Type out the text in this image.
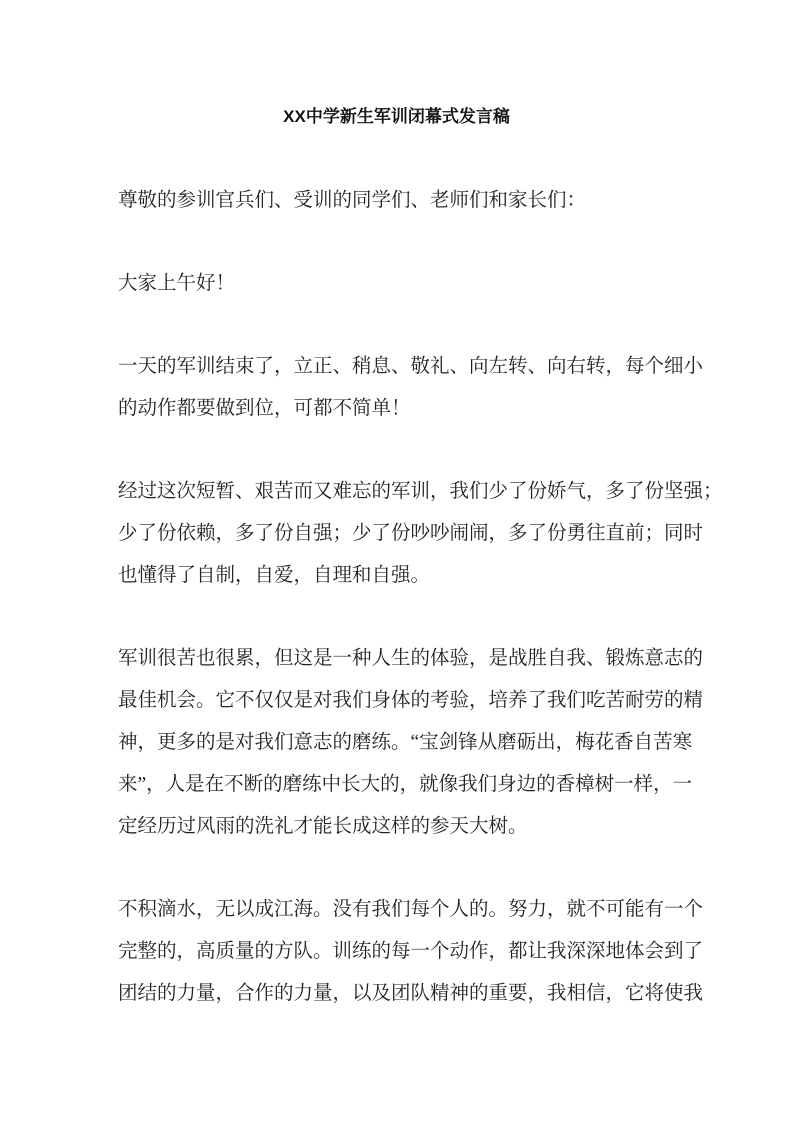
XX中学新生军训闭幕式发言稿
尊敬的参训官兵们、受训的同学们、老师们和家长们：
大家上午好！
一天的军训结束了，立正、稍息、敬礼、向左转、向右转，每个细小
的动作都要做到位，可都不简单！
经过这次短暂、艰苦而又难忘的军训，我们少了份娇气，多了份坚强；
少了份依赖，多了份自强；少了份吵吵闹闹，多了份勇往直前；同时
也懂得了自制，自爱，自理和自强。
军训很苦也很累，但这是一种人生的体验，是战胜自我、锻炼意志的
最佳机会。它不仅仅是对我们身体的考验，培养了我们吃苦耐劳的精
神，更多的是对我们意志的磨练。“宝剑锋从磨砺出，梅花香自苦寒
来”，人是在不断的磨练中长大的，就像我们身边的香樟树一样，一
定经历过风雨的洗礼才能长成这样的参天大树。
不积滴水，无以成江海。没有我们每个人的。努力，就不可能有一个
完整的，高质量的方队。训练的每一个动作，都让我深深地体会到了
团结的力量，合作的力量，以及团队精神的重要，我相信，它将使我
